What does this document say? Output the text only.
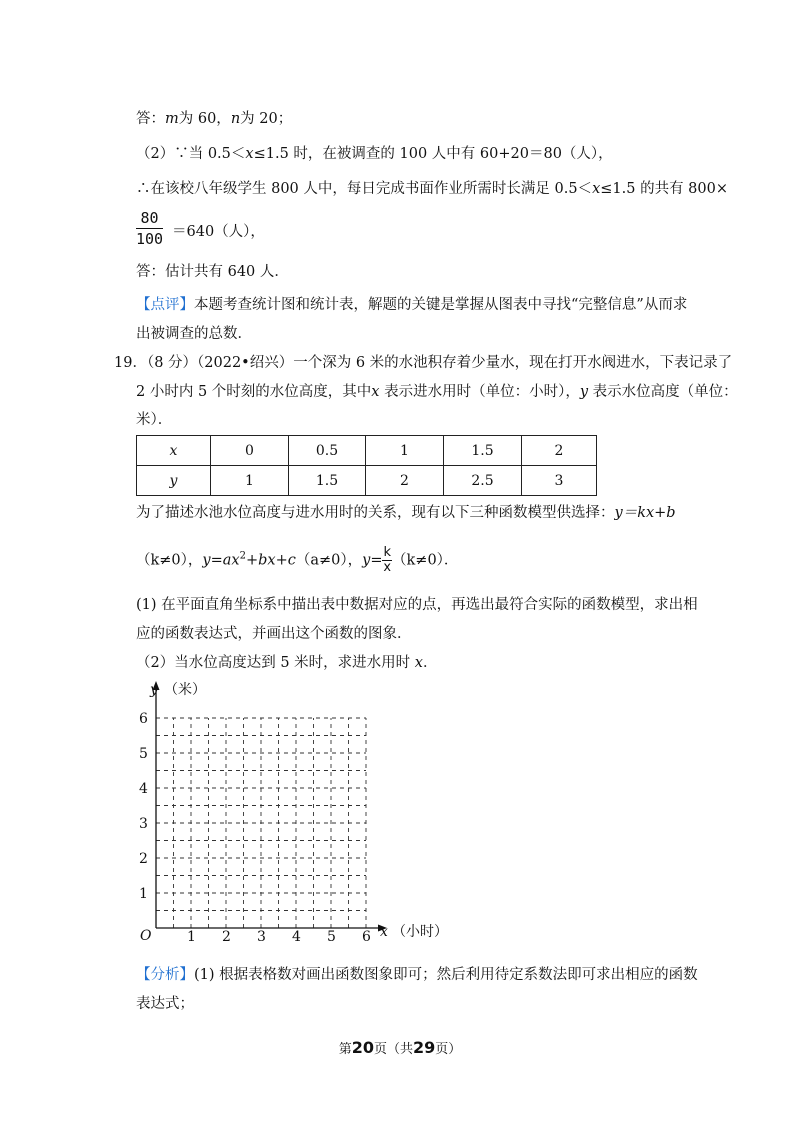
答：m为 60，n为 20；
（2）∵当 0.5＜x≤1.5 时，在被调查的 100 人中有 60+20＝80（人），
∴在该校八年级学生 800 人中，每日完成书面作业所需时长满足 0.5＜x≤1.5 的共有 800×
$\frac{80}{100} =640$（人），
答：估计共有 640 人．
【点评】本题考查统计图和统计表，解题的关键是掌握从图表中寻找“完整信息”从而求
出被调查的总数．
19．（8 分）（2022•绍兴）一个深为 6 米的水池积存着少量水，现在打开水阀进水，下表记录了
2 小时内 5 个时刻的水位高度，其中x 表示进水用时（单位：小时），y 表示水位高度（单位：
米）．
x	0	0.5	1	1.5	2
y	1	1.5	2	2.5	3
为了描述水池水位高度与进水用时的关系，现有以下三种函数模型供选择：y＝kx+b
（k≠0），$y=ax^2+bx+c(a\ne 0)$，$y= \frac{k}{x} (k\ne 0)$．
(1) 在平面直角坐标系中描出表中数据对应的点，再选出最符合实际的函数模型，求出相
应的函数表达式，并画出这个函数的图象．
（2）当水位高度达到 5 米时，求进水用时 x．
y （米）
x （小时）
O	1 2 3 4 5 6
1
2
3
4
5
6
【分析】(1) 根据表格数对画出函数图象即可；然后利用待定系数法即可求出相应的函数
表达式；
第20页（共29页）
